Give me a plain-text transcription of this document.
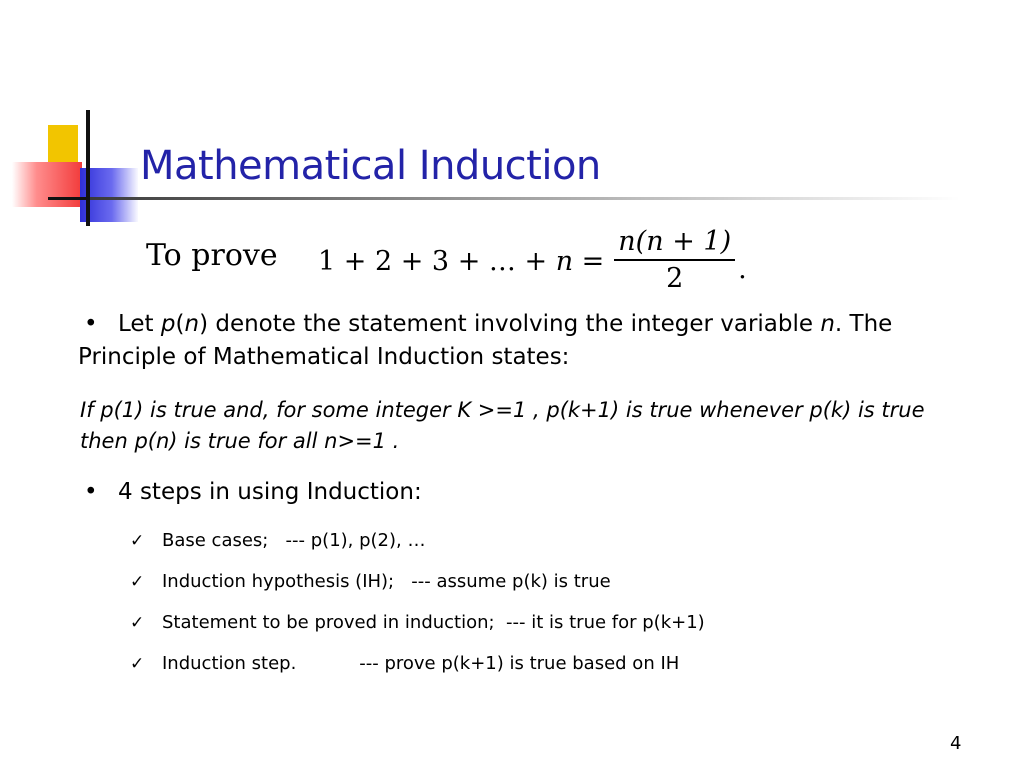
Mathematical Induction
To prove 1 + 2 + 3 + … + $n = \frac{n(n + 1)}{2}$ .
• Let p(n) denote the statement involving the integer variable n. The Principle of Mathematical Induction states:
If p(1) is true and, for some integer K >=1 , p(k+1) is true whenever p(k) is true then p(n) is true for all n>=1 .
• 4 steps in using Induction:
✓ Base cases;   --- p(1), p(2), …
✓ Induction hypothesis (IH);   --- assume p(k) is true
✓ Statement to be proved in induction;  --- it is true for p(k+1)
✓ Induction step.           --- prove p(k+1) is true based on IH
4
